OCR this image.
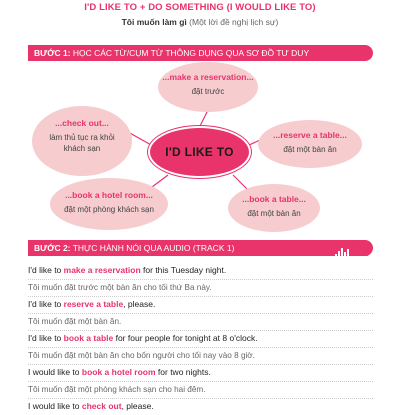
I'D LIKE TO + DO SOMETHING (I WOULD LIKE TO)
Tôi muốn làm gì (Một lời đề nghị lịch sự)
BƯỚC 1: HỌC CÁC TỪ/CỤM TỪ THÔNG DỤNG QUA SƠ ĐỒ TƯ DUY
...make a reservation...
đặt trước
...check out...
làm thủ tục ra khỏi khách sạn	I'D LIKE TO
...reserve a table...
đặt một bàn ăn
...book a hotel room...
đặt một phòng khách sạn
...book a table...
đặt một bàn ăn
BƯỚC 2: THỰC HÀNH NÓI QUA AUDIO (TRACK 1)
I'd like to make a reservation for this Tuesday night.
Tôi muốn đặt trước một bàn ăn cho tối thứ Ba này.
I'd like to reserve a table, please.
Tôi muốn đặt một bàn ăn.
I'd like to book a table for four people for tonight at 8 o'clock.
Tôi muốn đặt một bàn ăn cho bốn người cho tối nay vào 8 giờ.
I would like to book a hotel room for two nights.
Tôi muốn đặt một phòng khách sạn cho hai đêm.
I would like to check out, please.
